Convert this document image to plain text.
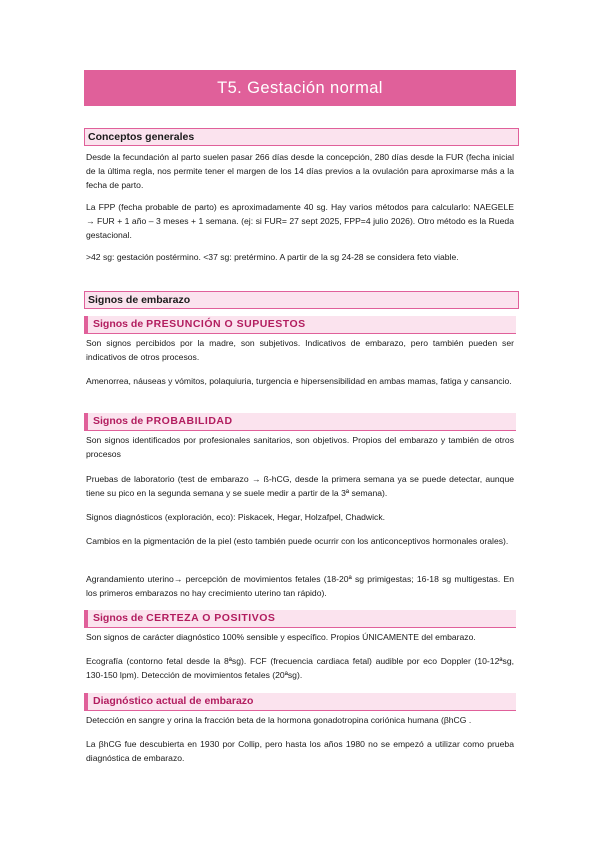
T5. Gestación normal
Conceptos generales

Desde la fecundación al parto suelen pasar 266 días desde la concepción, 280 días desde la FUR (fecha inicial de la última regla, nos permite tener el margen de los 14 días previos a la ovulación para aproximarse más a la fecha de parto.

La FPP (fecha probable de parto) es aproximadamente 40 sg. Hay varios métodos para calcularlo: NAEGELE → FUR + 1 año – 3 meses + 1 semana. (ej: si FUR= 27 sept 2025, FPP=4 julio 2026). Otro método es la Rueda gestacional.

>42 sg: gestación postérmino. <37 sg: pretérmino. A partir de la sg 24-28 se considera feto viable.

Signos de embarazo
Signos de PRESUNCIÓN O SUPUESTOS

Son signos percibidos por la madre, son subjetivos. Indicativos de embarazo, pero también pueden ser indicativos de otros procesos.

Amenorrea, náuseas y vómitos, polaquiuria, turgencia e hipersensibilidad en ambas mamas, fatiga y cansancio.

Signos de PROBABILIDAD

Son signos identificados por profesionales sanitarios, son objetivos. Propios del embarazo y también de otros procesos

Pruebas de laboratorio (test de embarazo → ß-hCG, desde la primera semana ya se puede detectar, aunque tiene su pico en la segunda semana y se suele medir a partir de la 3ª semana).

Signos diagnósticos (exploración, eco): Piskacek, Hegar, Holzafpel, Chadwick.

Cambios en la pigmentación de la piel (esto también puede ocurrir con los anticonceptivos hormonales orales).

Agrandamiento uterino→ percepción de movimientos fetales (18-20ª sg primigestas; 16-18 sg multigestas. En los primeros embarazos no hay crecimiento uterino tan rápido).

Signos de CERTEZA O POSITIVOS

Son signos de carácter diagnóstico 100% sensible y específico. Propios ÚNICAMENTE del embarazo.

Ecografía (contorno fetal desde la 8ªsg). FCF (frecuencia cardiaca fetal) audible por eco Doppler (10-12ªsg, 130-150 lpm). Detección de movimientos fetales (20ªsg).

Diagnóstico actual de embarazo

Detección en sangre y orina la fracción beta de la hormona gonadotropina coriónica humana (βhCG .

La βhCG fue descubierta en 1930 por Collip, pero hasta los años 1980 no se empezó a utilizar como prueba diagnóstica de embarazo.
